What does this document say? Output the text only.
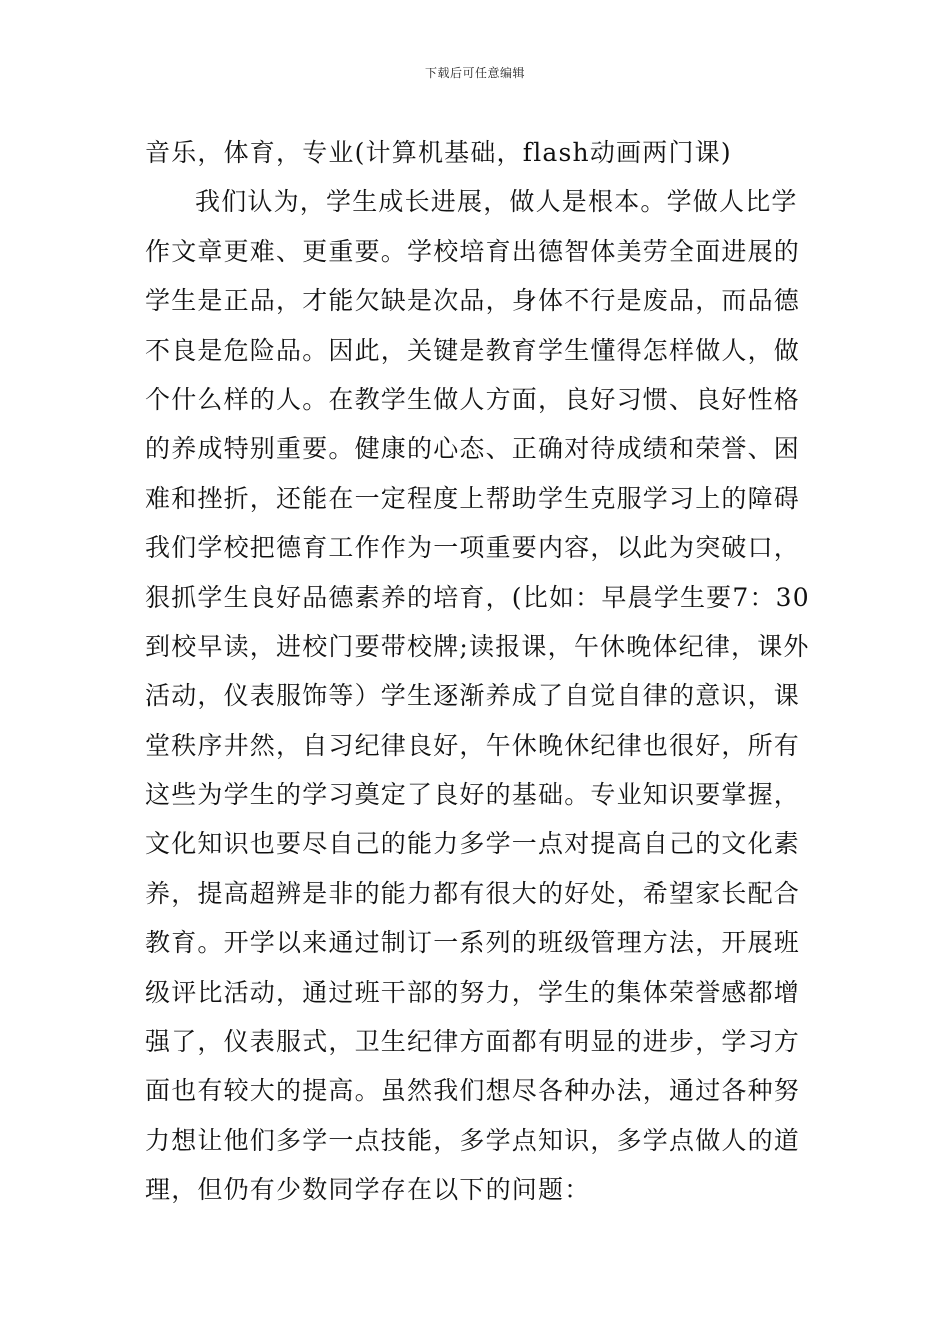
下载后可任意编辑
音乐，体育，专业(计算机基础，flash动画两门课)
我们认为，学生成长进展，做人是根本。学做人比学
作文章更难、更重要。学校培育出德智体美劳全面进展的
学生是正品，才能欠缺是次品，身体不行是废品，而品德
不良是危险品。因此，关键是教育学生懂得怎样做人，做
个什么样的人。在教学生做人方面，良好习惯、良好性格
的养成特别重要。健康的心态、正确对待成绩和荣誉、困
难和挫折，还能在一定程度上帮助学生克服学习上的障碍
我们学校把德育工作作为一项重要内容，以此为突破口，
狠抓学生良好品德素养的培育，(比如：早晨学生要7：30
到校早读，进校门要带校牌;读报课，午休晚体纪律，课外
活动，仪表服饰等）学生逐渐养成了自觉自律的意识，课
堂秩序井然，自习纪律良好，午休晚休纪律也很好，所有
这些为学生的学习奠定了良好的基础。专业知识要掌握，
文化知识也要尽自己的能力多学一点对提高自己的文化素
养，提高超辨是非的能力都有很大的好处，希望家长配合
教育。开学以来通过制订一系列的班级管理方法，开展班
级评比活动，通过班干部的努力，学生的集体荣誉感都增
强了，仪表服式，卫生纪律方面都有明显的进步，学习方
面也有较大的提高。虽然我们想尽各种办法，通过各种努
力想让他们多学一点技能，多学点知识，多学点做人的道
理，但仍有少数同学存在以下的问题：
